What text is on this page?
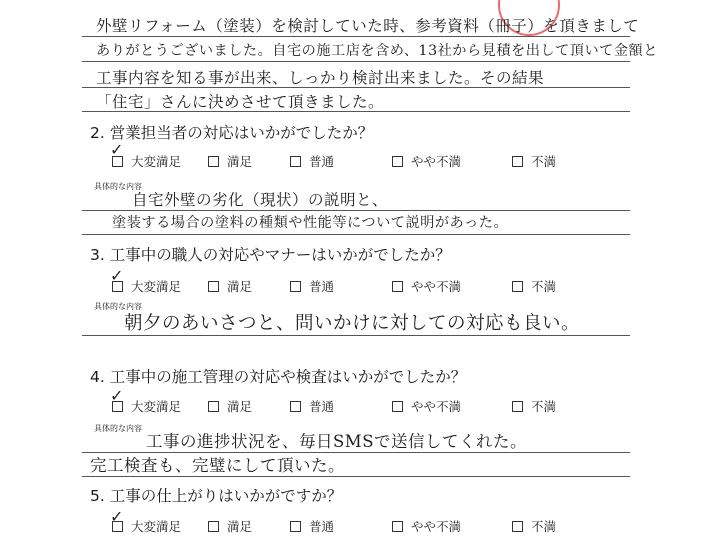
外壁リフォーム（塗装）を検討していた時、参考資料（冊子）を頂きまして
ありがとうございました。自宅の施工店を含め、13社から見積を出して頂いて金額と
工事内容を知る事が出来、しっかり検討出来ました。その結果
「住宅」さんに決めさせて頂きました。
2. 営業担当者の対応はいかがでしたか？
✓
大変満足	満足	普通	やや不満	不満
具体的な内容
自宅外壁の劣化（現状）の説明と、
塗装する場合の塗料の種類や性能等について説明があった。
3. 工事中の職人の対応やマナーはいかがでしたか？
✓
大変満足	満足	普通	やや不満	不満
具体的な内容
朝夕のあいさつと、問いかけに対しての対応も良い。
4. 工事中の施工管理の対応や検査はいかがでしたか？
✓
大変満足	満足	普通	やや不満	不満
具体的な内容
工事の進捗状況を、毎日SMSで送信してくれた。
完工検査も、完璧にして頂いた。
5. 工事の仕上がりはいかがですか？
✓
大変満足	満足	普通	やや不満	不満
